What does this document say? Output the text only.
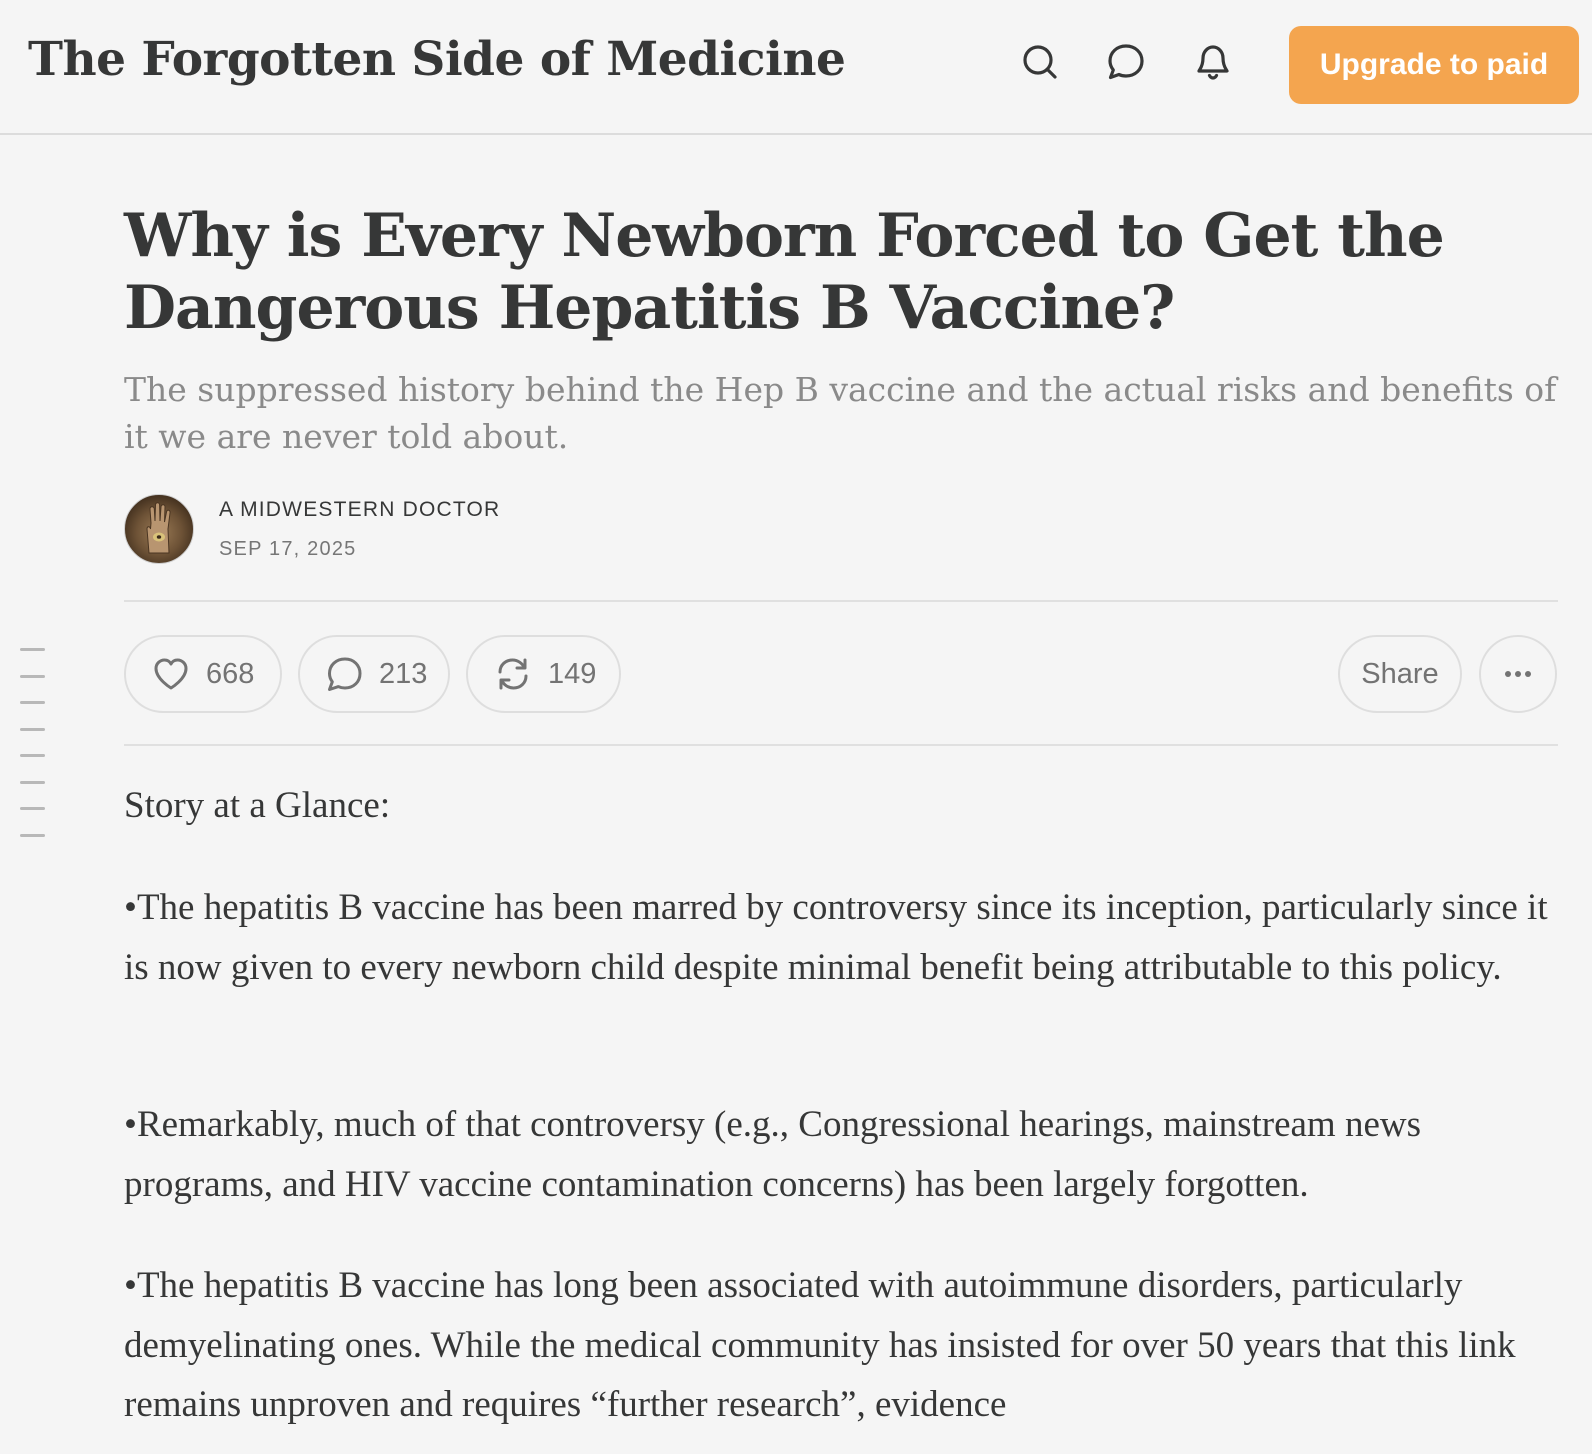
The Forgotten Side of Medicine	Upgrade to paid
Why is Every Newborn Forced to Get the Dangerous Hepatitis B Vaccine?

The suppressed history behind the Hep B vaccine and the actual risks and benefits of it we are never told about.

A MIDWESTERN DOCTOR
SEP 17, 2025
668	213	149	Share
Story at a Glance:

•The hepatitis B vaccine has been marred by controversy since its inception, particularly since it is now given to every newborn child despite minimal benefit being attributable to this policy.

•Remarkably, much of that controversy (e.g., Congressional hearings, mainstream news programs, and HIV vaccine contamination concerns) has been largely forgotten.

•The hepatitis B vaccine has long been associated with autoimmune disorders, particularly demyelinating ones. While the medical community has insisted for over 50 years that this link remains unproven and requires “further research”, evidence
